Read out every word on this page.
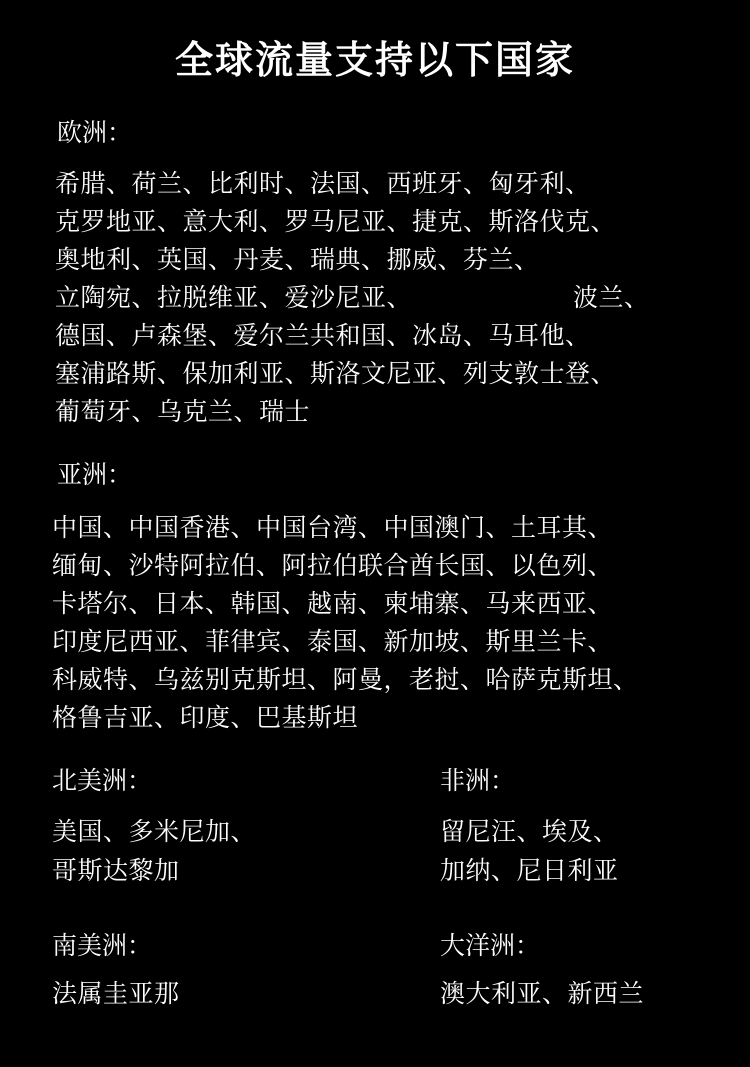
全球流量支持以下国家
欧洲：
希腊、荷兰、比利时、法国、西班牙、匈牙利、
克罗地亚、意大利、罗马尼亚、捷克、斯洛伐克、
奥地利、英国、丹麦、瑞典、挪威、芬兰、
立陶宛、拉脱维亚、爱沙尼亚、	波兰、
德国、卢森堡、爱尔兰共和国、冰岛、马耳他、
塞浦路斯、保加利亚、斯洛文尼亚、列支敦士登、
葡萄牙、乌克兰、瑞士
亚洲：
中国、中国香港、中国台湾、中国澳门、土耳其、
缅甸、沙特阿拉伯、阿拉伯联合酋长国、以色列、
卡塔尔、日本、韩国、越南、柬埔寨、马来西亚、
印度尼西亚、菲律宾、泰国、新加坡、斯里兰卡、
科威特、乌兹别克斯坦、阿曼，老挝、哈萨克斯坦、
格鲁吉亚、印度、巴基斯坦
北美洲：
美国、多米尼加、
哥斯达黎加
非洲：
留尼汪、埃及、
加纳、尼日利亚
南美洲：
法属圭亚那
大洋洲：
澳大利亚、新西兰
